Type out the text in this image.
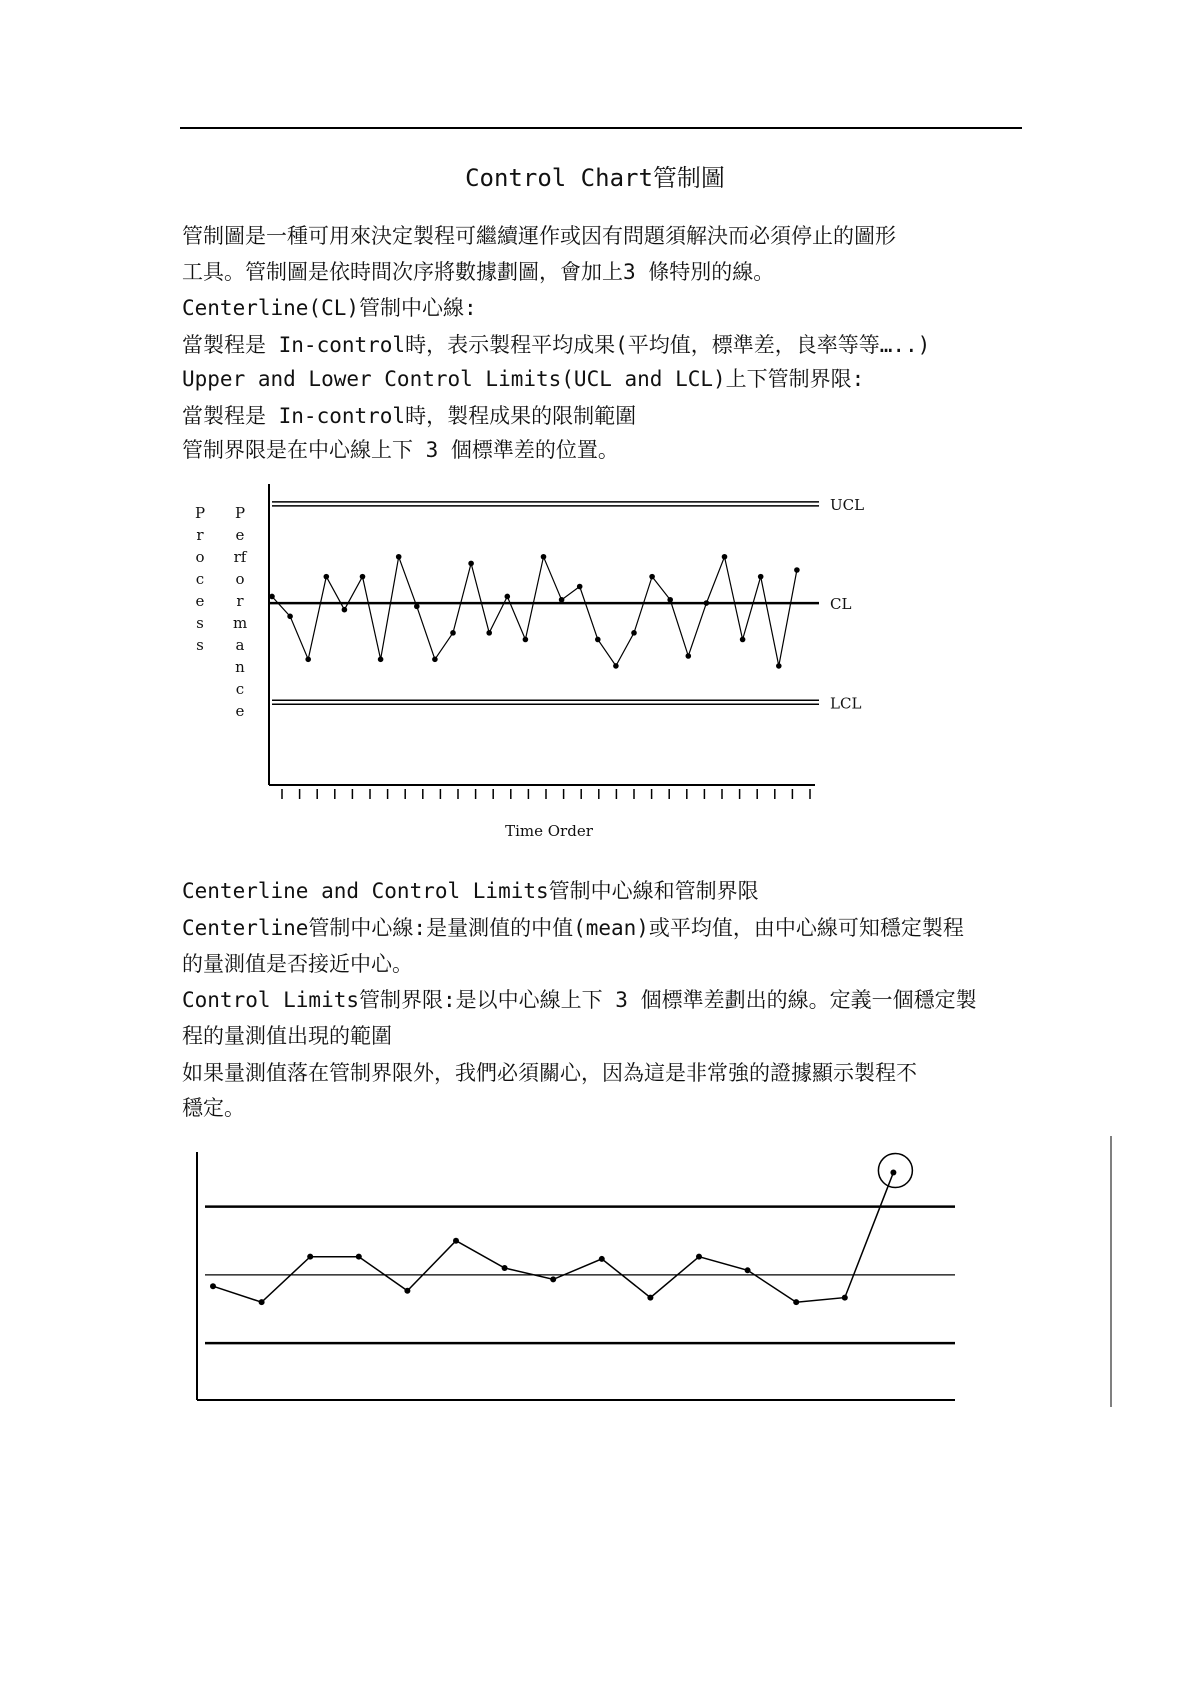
Control Chart管制圖
管制圖是一種可用來決定製程可繼續運作或因有問題須解決而必須停止的圖形
工具。管制圖是依時間次序將數據劃圖，會加上3 條特別的線。
Centerline(CL)管制中心線:
當製程是 In-control時，表示製程平均成果(平均值，標準差，良率等等…..)
Upper and Lower Control Limits(UCL and LCL)上下管制界限:
當製程是 In-control時，製程成果的限制範圍
管制界限是在中心線上下 3 個標準差的位置。
Process
Performance
UCL
CL
LCL
Time Order
Centerline and Control Limits管制中心線和管制界限
Centerline管制中心線:是量測值的中值(mean)或平均值，由中心線可知穩定製程
的量測值是否接近中心。
Control Limits管制界限:是以中心線上下 3 個標準差劃出的線。定義一個穩定製
程的量測值出現的範圍
如果量測值落在管制界限外，我們必須關心，因為這是非常強的證據顯示製程不
穩定。
